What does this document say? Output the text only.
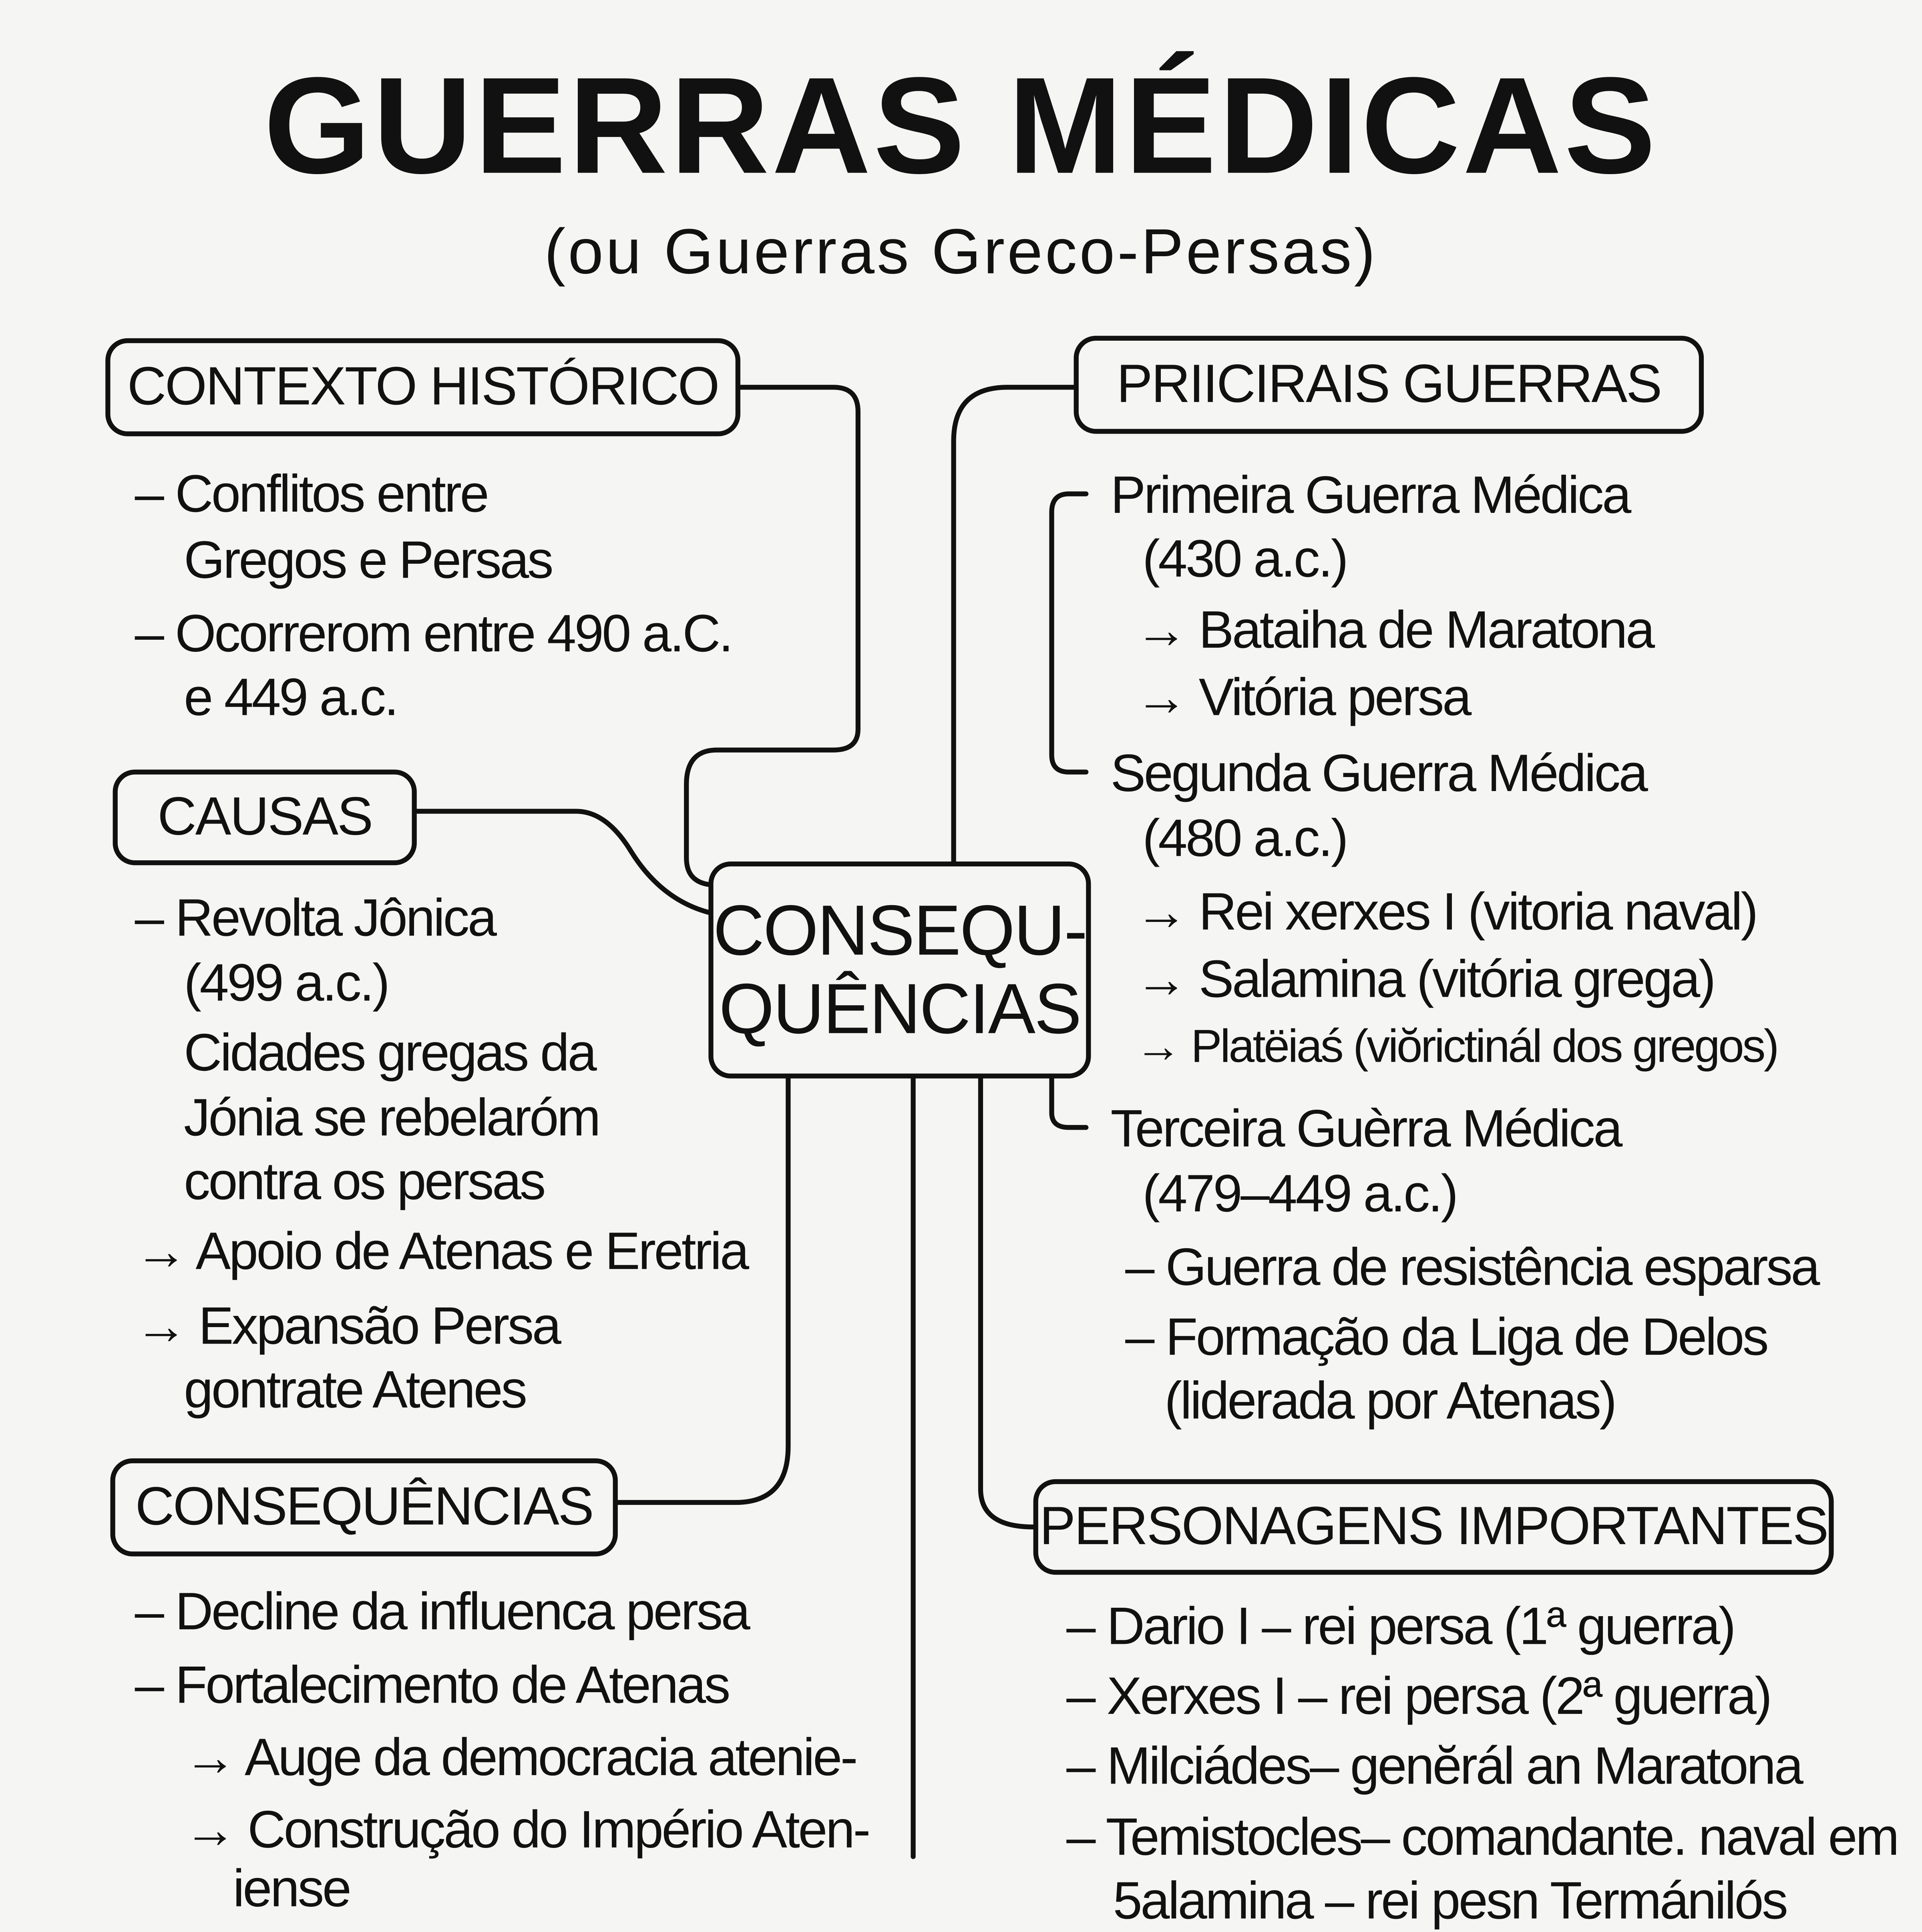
GUERRAS MÉDICAS
(ou Guerras Greco-Persas)
CONTEXTO HISTÓRICO
– Conflitos entre
Gregos e Persas
– Ocorrerom entre 490 a.C.
e 449 a.c.
CAUSAS
– Revolta Jônica
(499 a.c.)
Cidades gregas da
Jónia se rebelaróm
contra os persas
→ Apoio de Atenas e Eretria
→ Expansão Persa
gontrate Atenes
CONSEQUÊNCIAS
– Decline da influenca persa
– Fortalecimento de Atenas
→ Auge da democracia atenie-
→ Construção do Império Aten-
iense
CONSEQU-
QUÊNCIAS
PRIICIRAIS GUERRAS
Primeira Guerra Médica
(430 a.c.)
→ Bataiha de Maratona
→ Vitória persa
Segunda Guerra Médica
(480 a.c.)
→ Rei xerxes I (vitoria naval)
→ Salamina (vitória grega)
→ Platëiaś (viŏrictinál dos gregos)
Terceira Guèrra Médica
(479–449 a.c.)
– Guerra de resistência esparsa
– Formação da Liga de Delos
(liderada por Atenas)
PERSONAGENS IMPORTANTES
– Dario I – rei persa (1ª guerra)
– Xerxes I – rei persa (2ª guerra)
– Milciádes– genĕrál an Maratona
– Temistocles– comandante. naval em
5alamina – rei pesn Termánilós
